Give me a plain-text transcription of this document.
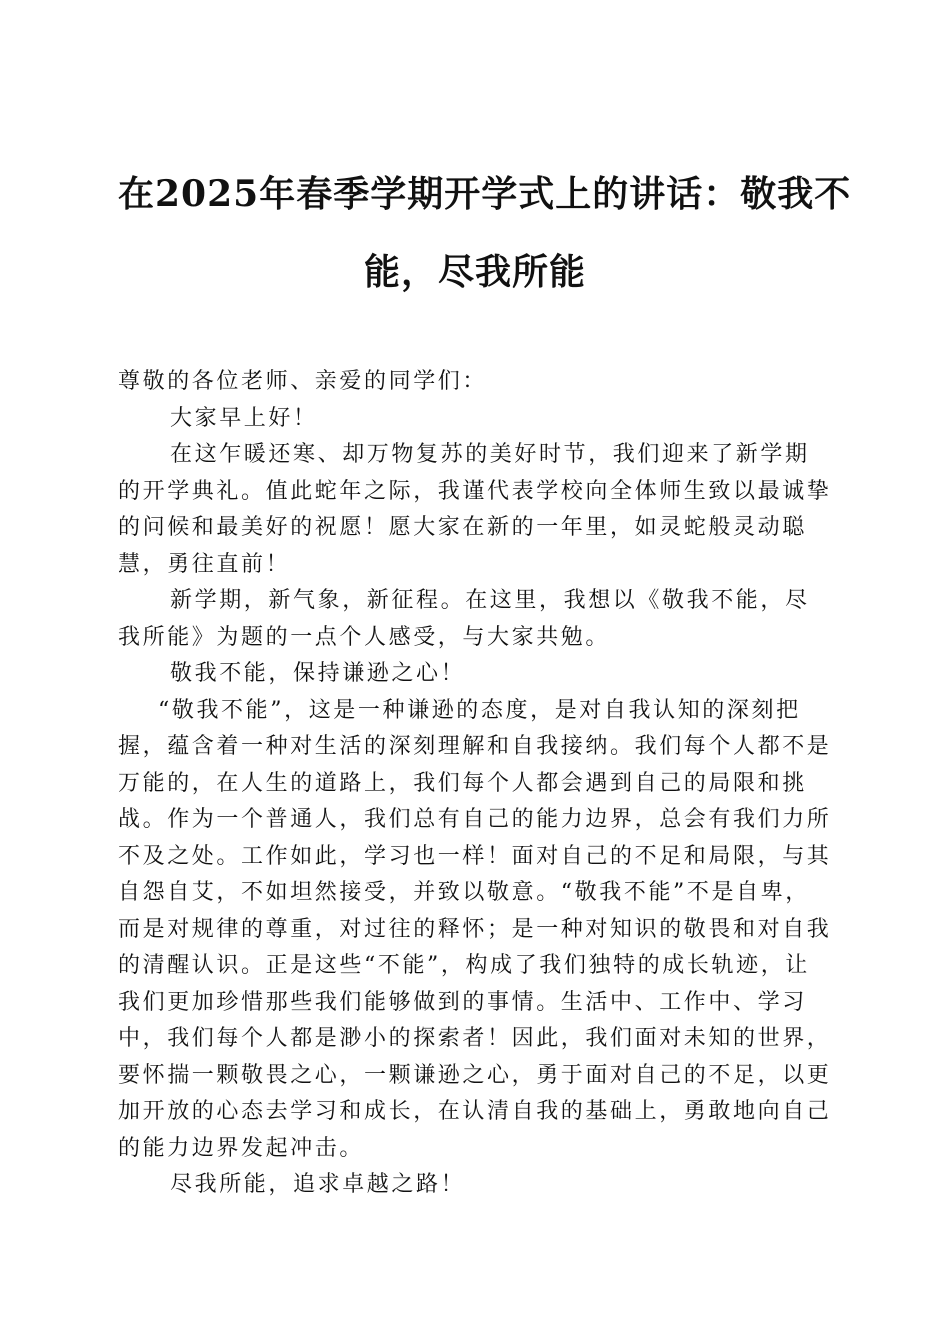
在2025年春季学期开学式上的讲话：敬我不
能，尽我所能

尊敬的各位老师、亲爱的同学们：

大家早上好！

在这乍暖还寒、却万物复苏的美好时节，我们迎来了新学期的开学典礼。值此蛇年之际，我谨代表学校向全体师生致以最诚挚的问候和最美好的祝愿！愿大家在新的一年里，如灵蛇般灵动聪慧，勇往直前！

新学期，新气象，新征程。在这里，我想以《敬我不能，尽我所能》为题的一点个人感受，与大家共勉。

敬我不能，保持谦逊之心！

“敬我不能”，这是一种谦逊的态度，是对自我认知的深刻把握，蕴含着一种对生活的深刻理解和自我接纳。我们每个人都不是万能的，在人生的道路上，我们每个人都会遇到自己的局限和挑战。作为一个普通人，我们总有自己的能力边界，总会有我们力所不及之处。工作如此，学习也一样！面对自己的不足和局限，与其自怨自艾，不如坦然接受，并致以敬意。“敬我不能”不是自卑，而是对规律的尊重，对过往的释怀；是一种对知识的敬畏和对自我的清醒认识。正是这些“不能”，构成了我们独特的成长轨迹，让我们更加珍惜那些我们能够做到的事情。生活中、工作中、学习中，我们每个人都是渺小的探索者！因此，我们面对未知的世界，要怀揣一颗敬畏之心，一颗谦逊之心，勇于面对自己的不足，以更加开放的心态去学习和成长，在认清自我的基础上，勇敢地向自己的能力边界发起冲击。

尽我所能，追求卓越之路！
